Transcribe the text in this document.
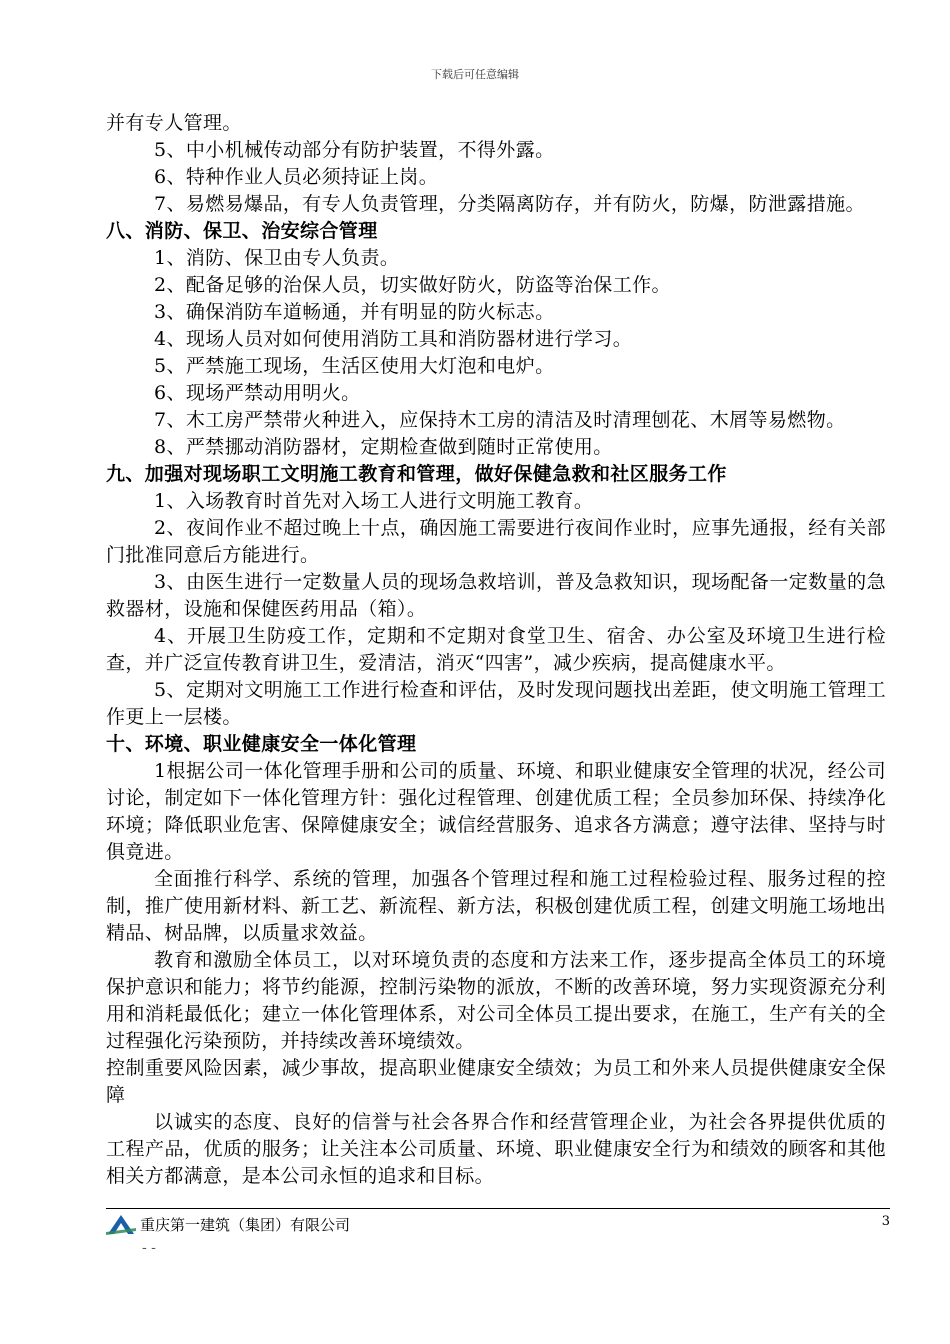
下载后可任意编辑

并有专人管理。

5、中小机械传动部分有防护装置，不得外露。

6、特种作业人员必须持证上岗。

7、易燃易爆品，有专人负责管理，分类隔离防存，并有防火，防爆，防泄露措施。

八、消防、保卫、治安综合管理

1、消防、保卫由专人负责。

2、配备足够的治保人员，切实做好防火，防盗等治保工作。

3、确保消防车道畅通，并有明显的防火标志。

4、现场人员对如何使用消防工具和消防器材进行学习。

5、严禁施工现场，生活区使用大灯泡和电炉。

6、现场严禁动用明火。

7、木工房严禁带火种进入，应保持木工房的清洁及时清理刨花、木屑等易燃物。

8、严禁挪动消防器材，定期检查做到随时正常使用。

九、加强对现场职工文明施工教育和管理，做好保健急救和社区服务工作

1、入场教育时首先对入场工人进行文明施工教育。

2、夜间作业不超过晚上十点，确因施工需要进行夜间作业时，应事先通报，经有关部门批准同意后方能进行。

3、由医生进行一定数量人员的现场急救培训，普及急救知识，现场配备一定数量的急救器材，设施和保健医药用品（箱）。

4、开展卫生防疫工作，定期和不定期对食堂卫生、宿舍、办公室及环境卫生进行检查，并广泛宣传教育讲卫生，爱清洁，消灭“四害”，减少疾病，提高健康水平。

5、定期对文明施工工作进行检查和评估，及时发现问题找出差距，使文明施工管理工作更上一层楼。

十、环境、职业健康安全一体化管理

1根据公司一体化管理手册和公司的质量、环境、和职业健康安全管理的状况，经公司讨论，制定如下一体化管理方针：强化过程管理、创建优质工程；全员参加环保、持续净化环境；降低职业危害、保障健康安全；诚信经营服务、追求各方满意；遵守法律、坚持与时俱竟进。

全面推行科学、系统的管理，加强各个管理过程和施工过程检验过程、服务过程的控制，推广使用新材料、新工艺、新流程、新方法，积极创建优质工程，创建文明施工场地出精品、树品牌，以质量求效益。

教育和激励全体员工，以对环境负责的态度和方法来工作，逐步提高全体员工的环境保护意识和能力；将节约能源，控制污染物的派放，不断的改善环境，努力实现资源充分利用和消耗最低化；建立一体化管理体系，对公司全体员工提出要求，在施工，生产有关的全过程强化污染预防，并持续改善环境绩效。

控制重要风险因素，减少事故，提高职业健康安全绩效；为员工和外来人员提供健康安全保障

以诚实的态度、良好的信誉与社会各界合作和经营管理企业，为社会各界提供优质的工程产品，优质的服务；让关注本公司质量、环境、职业健康安全行为和绩效的顾客和其他相关方都满意，是本公司永恒的追求和目标。

重庆第一建筑（集团）有限公司	3
- -
